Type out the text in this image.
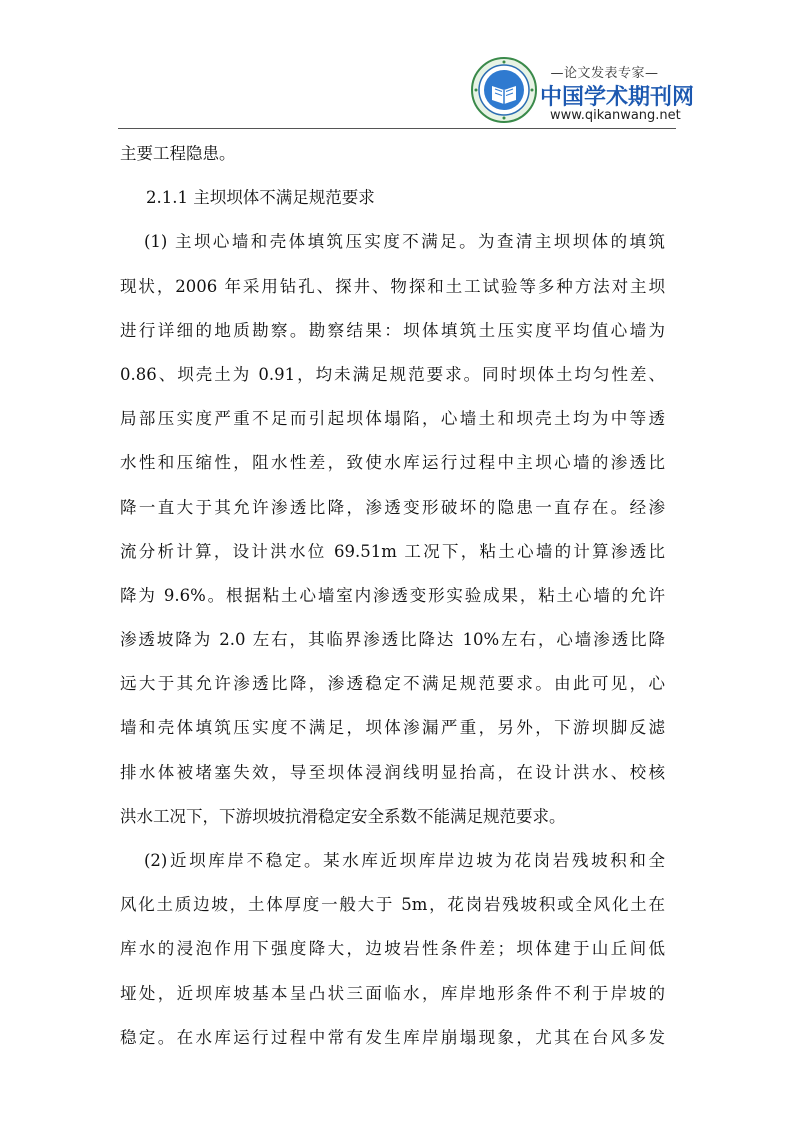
—论文发表专家—
中国学术期刊网
www.qikanwang.net
主要工程隐患。
2.1.1 主坝坝体不满足规范要求
(1) 主坝心墙和壳体填筑压实度不满足。为查清主坝坝体的填筑
现状，2006 年采用钻孔、探井、物探和土工试验等多种方法对主坝
进行详细的地质勘察。勘察结果：坝体填筑土压实度平均值心墙为
0.86、坝壳土为 0.91，均未满足规范要求。同时坝体土均匀性差、
局部压实度严重不足而引起坝体塌陷，心墙土和坝壳土均为中等透
水性和压缩性，阻水性差，致使水库运行过程中主坝心墙的渗透比
降一直大于其允许渗透比降，渗透变形破坏的隐患一直存在。经渗
流分析计算，设计洪水位 69.51m 工况下，粘土心墙的计算渗透比
降为 9.6%。根据粘土心墙室内渗透变形实验成果，粘土心墙的允许
渗透坡降为 2.0 左右，其临界渗透比降达 10%左右，心墙渗透比降
远大于其允许渗透比降，渗透稳定不满足规范要求。由此可见，心
墙和壳体填筑压实度不满足，坝体渗漏严重，另外，下游坝脚反滤
排水体被堵塞失效，导至坝体浸润线明显抬高，在设计洪水、校核
洪水工况下，下游坝坡抗滑稳定安全系数不能满足规范要求。
(2)近坝库岸不稳定。某水库近坝库岸边坡为花岗岩残坡积和全
风化土质边坡，土体厚度一般大于 5m，花岗岩残坡积或全风化土在
库水的浸泡作用下强度降大，边坡岩性条件差；坝体建于山丘间低
垭处，近坝库坡基本呈凸状三面临水，库岸地形条件不利于岸坡的
稳定。在水库运行过程中常有发生库岸崩塌现象，尤其在台风多发
